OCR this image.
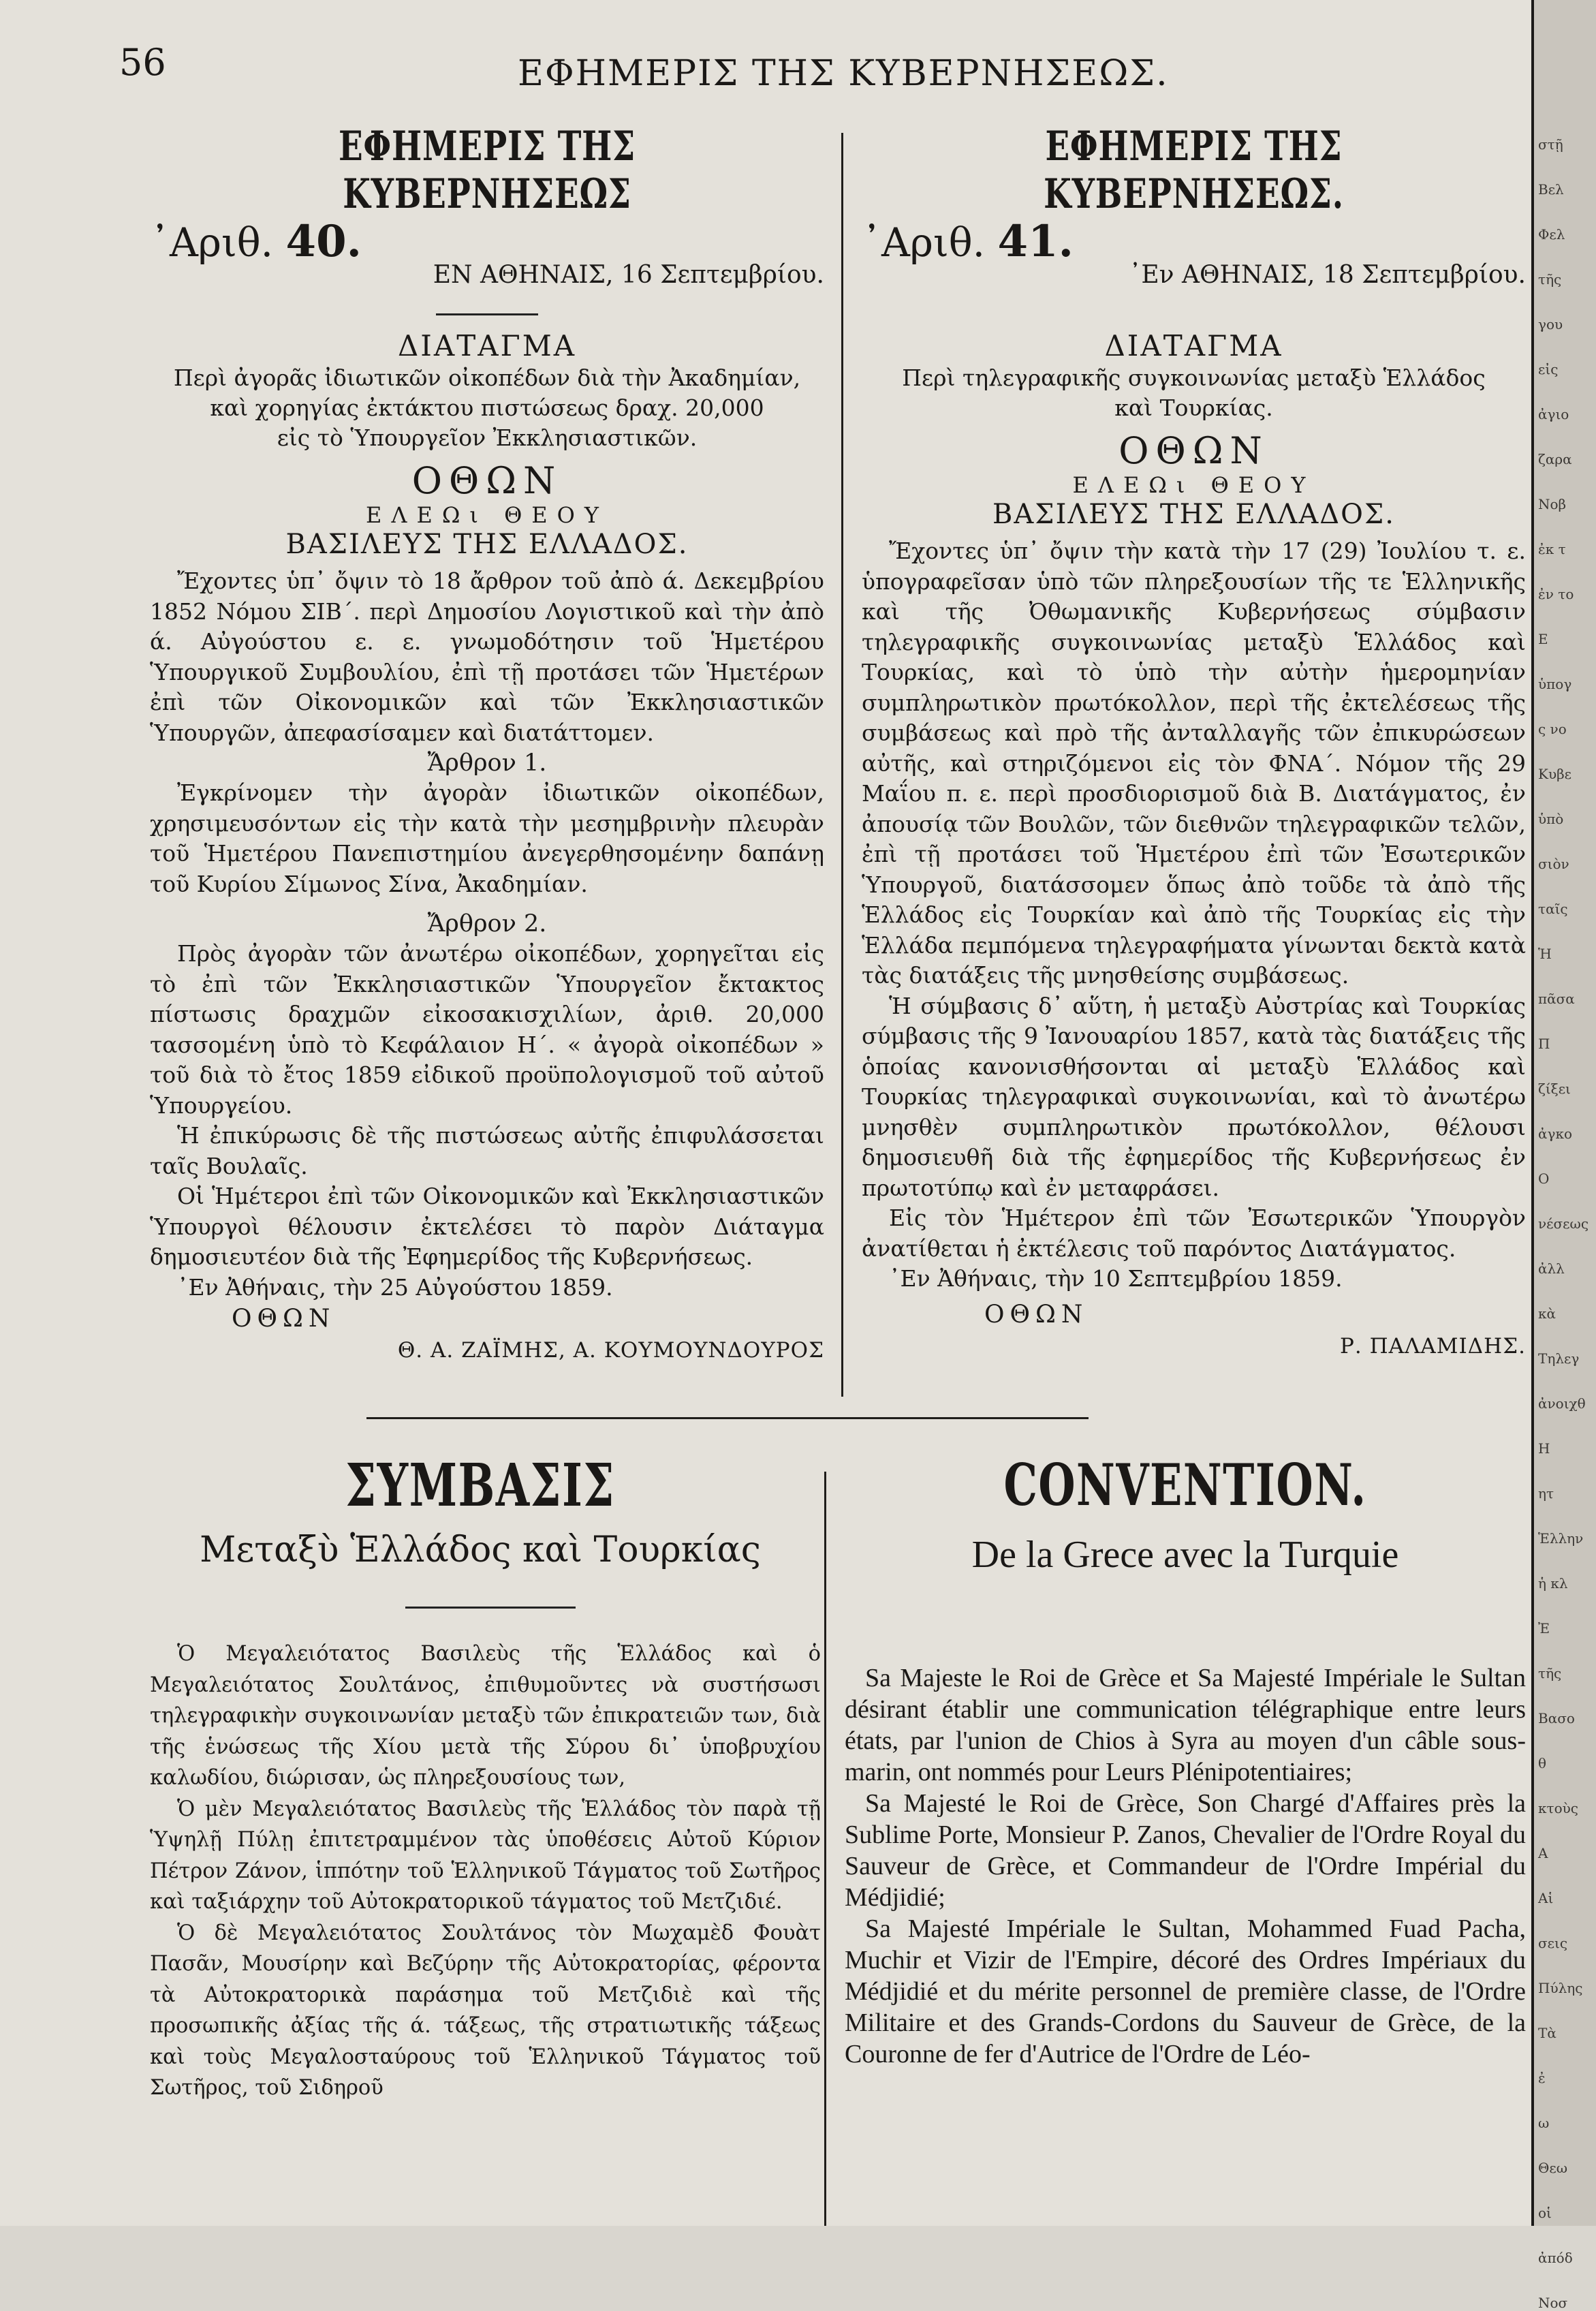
56	ΕΦΗΜΕΡΙΣ ΤΗΣ ΚΥΒΕΡΝΗΣΕΩΣ.
ΕΦΗΜΕΡΙΣ ΤΗΣ ΚΥΒΕΡΝΗΣΕΩΣ
᾿Αριθ. 40.
ΕΝ ΑΘΗΝΑΙΣ, 16 Σεπτεμβρίου.
ΔΙΑΤΑΓΜΑ
Περὶ ἀγορᾶς ἰδιωτικῶν οἰκοπέδων διὰ τὴν Ἀκαδημίαν,
καὶ χορηγίας ἐκτάκτου πιστώσεως δραχ. 20,000
εἰς τὸ Ὑπουργεῖον Ἐκκλησιαστικῶν.
ΟΘΩΝ
ΕΛΕΩι ΘΕΟΥ
ΒΑΣΙΛΕΥΣ ΤΗΣ ΕΛΛΑΔΟΣ.

Ἔχοντες ὑπ᾿ ὄψιν τὸ 18 ἄρθρον τοῦ ἀπὸ ά. Δεκεμβρίου 1852 Νόμου ΣΙΒ΄. περὶ Δημοσίου Λογιστικοῦ καὶ τὴν ἀπὸ ά. Αὐγούστου ε. ε. γνωμοδότησιν τοῦ Ἡμετέρου Ὑπουργικοῦ Συμβουλίου, ἐπὶ τῇ προτάσει τῶν Ἡμετέρων ἐπὶ τῶν Οἰκονομικῶν καὶ τῶν Ἐκκλησιαστικῶν Ὑπουργῶν, ἀπεφασίσαμεν καὶ διατάττομεν.

Ἄρθρον 1.

Ἐγκρίνομεν τὴν ἀγορὰν ἰδιωτικῶν οἰκοπέδων, χρησιμευσόντων εἰς τὴν κατὰ τὴν μεσημβρινὴν πλευρὰν τοῦ Ἡμετέρου Πανεπιστημίου ἀνεγερθησομένην δαπάνῃ τοῦ Κυρίου Σίμωνος Σίνα, Ἀκαδημίαν.

Ἄρθρον 2.

Πρὸς ἀγορὰν τῶν ἀνωτέρω οἰκοπέδων, χορηγεῖται εἰς τὸ ἐπὶ τῶν Ἐκκλησιαστικῶν Ὑπουργεῖον ἔκτακτος πίστωσις δραχμῶν εἰκοσακισχιλίων, ἀριθ. 20,000 τασσομένη ὑπὸ τὸ Κεφάλαιον Η΄. « ἀγορὰ οἰκοπέδων » τοῦ διὰ τὸ ἔτος 1859 εἰδικοῦ προϋπολογισμοῦ τοῦ αὐτοῦ Ὑπουργείου.

Ἡ ἐπικύρωσις δὲ τῆς πιστώσεως αὐτῆς ἐπιφυλάσσεται ταῖς Βουλαῖς.

Οἱ Ἡμέτεροι ἐπὶ τῶν Οἰκονομικῶν καὶ Ἐκκλησιαστικῶν Ὑπουργοὶ θέλουσιν ἐκτελέσει τὸ παρὸν Διάταγμα δημοσιευτέον διὰ τῆς Ἐφημερίδος τῆς Κυβερνήσεως.

᾿Εν Ἀθήναις, τὴν 25 Αὐγούστου 1859.

ΟΘΩΝ
Θ. Α. ΖΑΪΜΗΣ, Α. ΚΟΥΜΟΥΝΔΟΥΡΟΣ
ΕΦΗΜΕΡΙΣ ΤΗΣ ΚΥΒΕΡΝΗΣΕΩΣ.
᾿Αριθ. 41.
᾿Εν ΑΘΗΝΑΙΣ, 18 Σεπτεμβρίου.
ΔΙΑΤΑΓΜΑ
Περὶ τηλεγραφικῆς συγκοινωνίας μεταξὺ Ἑλλάδος
καὶ Τουρκίας.
ΟΘΩΝ
ΕΛΕΩι ΘΕΟΥ
ΒΑΣΙΛΕΥΣ ΤΗΣ ΕΛΛΑΔΟΣ.

Ἔχοντες ὑπ᾿ ὄψιν τὴν κατὰ τὴν 17 (29) Ἰουλίου τ. ε. ὑπογραφεῖσαν ὑπὸ τῶν πληρεξουσίων τῆς τε Ἑλληνικῆς καὶ τῆς Ὀθωμανικῆς Κυβερνήσεως σύμβασιν τηλεγραφικῆς συγκοινωνίας μεταξὺ Ἑλλάδος καὶ Τουρκίας, καὶ τὸ ὑπὸ τὴν αὐτὴν ἡμερομηνίαν συμπληρωτικὸν πρωτόκολλον, περὶ τῆς ἐκτελέσεως τῆς συμβάσεως καὶ πρὸ τῆς ἀνταλλαγῆς τῶν ἐπικυρώσεων αὐτῆς, καὶ στηριζόμενοι εἰς τὸν ΦΝΑ΄. Νόμον τῆς 29 Μαΐου π. ε. περὶ προσδιορισμοῦ διὰ Β. Διατάγματος, ἐν ἀπουσίᾳ τῶν Βουλῶν, τῶν διεθνῶν τηλεγραφικῶν τελῶν, ἐπὶ τῇ προτάσει τοῦ Ἡμετέρου ἐπὶ τῶν Ἐσωτερικῶν Ὑπουργοῦ, διατάσσομεν ὅπως ἀπὸ τοῦδε τὰ ἀπὸ τῆς Ἑλλάδος εἰς Τουρκίαν καὶ ἀπὸ τῆς Τουρκίας εἰς τὴν Ἑλλάδα πεμπόμενα τηλεγραφήματα γίνωνται δεκτὰ κατὰ τὰς διατάξεις τῆς μνησθείσης συμβάσεως.

Ἡ σύμβασις δ᾿ αὕτη, ἡ μεταξὺ Αὐστρίας καὶ Τουρκίας σύμβασις τῆς 9 Ἰανουαρίου 1857, κατὰ τὰς διατάξεις τῆς ὁποίας κανονισθήσονται αἱ μεταξὺ Ἑλλάδος καὶ Τουρκίας τηλεγραφικαὶ συγκοινωνίαι, καὶ τὸ ἀνωτέρω μνησθὲν συμπληρωτικὸν πρωτόκολλον, θέλουσι δημοσιευθῆ διὰ τῆς ἐφημερίδος τῆς Κυβερνήσεως ἐν πρωτοτύπῳ καὶ ἐν μεταφράσει.

Εἰς τὸν Ἡμέτερον ἐπὶ τῶν Ἐσωτερικῶν Ὑπουργὸν ἀνατίθεται ἡ ἐκτέλεσις τοῦ παρόντος Διατάγματος.

᾿Εν Ἀθήναις, τὴν 10 Σεπτεμβρίου 1859.

ΟΘΩΝ
Ρ. ΠΑΛΑΜΙΔΗΣ.
ΣΥΜΒΑΣΙΣ
Μεταξὺ Ἑλλάδος καὶ Τουρκίας

Ὁ Μεγαλειότατος Βασιλεὺς τῆς Ἑλλάδος καὶ ὁ Μεγαλειότατος Σουλτάνος, ἐπιθυμοῦντες νὰ συστήσωσι τηλεγραφικὴν συγκοινωνίαν μεταξὺ τῶν ἐπικρατειῶν των, διὰ τῆς ἑνώσεως τῆς Χίου μετὰ τῆς Σύρου δι᾿ ὑποβρυχίου καλωδίου, διώρισαν, ὡς πληρεξουσίους των,

Ὁ μὲν Μεγαλειότατος Βασιλεὺς τῆς Ἑλλάδος τὸν παρὰ τῇ Ὑψηλῇ Πύλῃ ἐπιτετραμμένον τὰς ὑποθέσεις Αὐτοῦ Κύριον Πέτρον Ζάνον, ἱππότην τοῦ Ἑλληνικοῦ Τάγματος τοῦ Σωτῆρος καὶ ταξιάρχην τοῦ Αὐτοκρατορικοῦ τάγματος τοῦ Μετζιδιέ.

Ὁ δὲ Μεγαλειότατος Σουλτάνος τὸν Μωχαμὲδ Φουὰτ Πασᾶν, Μουσίρην καὶ Βεζύρην τῆς Αὐτοκρατορίας, φέροντα τὰ Αὐτοκρατορικὰ παράσημα τοῦ Μετζιδιὲ καὶ τῆς προσωπικῆς ἀξίας τῆς ά. τάξεως, τῆς στρατιωτικῆς τάξεως καὶ τοὺς Μεγαλοσταύρους τοῦ Ἑλληνικοῦ Τάγματος τοῦ Σωτῆρος, τοῦ Σιδηροῦ

CONVENTION.
De la Grece avec la Turquie

Sa Majeste le Roi de Grèce et Sa Majesté Impériale le Sultan désirant établir une communication télégraphique entre leurs états, par l'union de Chios à Syra au moyen d'un câble sous-marin, ont nommés pour Leurs Plénipotentiaires;

Sa Majesté le Roi de Grèce, Son Chargé d'Affaires près la Sublime Porte, Monsieur P. Zanos, Chevalier de l'Ordre Royal du Sauveur de Grèce, et Commandeur de l'Ordre Impérial du Médjidié;

Sa Majesté Impériale le Sultan, Mohammed Fuad Pacha, Muchir et Vizir de l'Empire, décoré des Ordres Impériaux du Médjidié et du mérite personnel de première classe, de l'Ordre Militaire et des Grands-Cordons du Sauveur de Grèce, de la Couronne de fer d'Autrice de l'Ordre de Léo-

στῇ
Βελ
Φελ
τῆς
γου
εἰς
ἀγιο
ζαρα
Νοβ
ἐκ τ
ἐν το
Ε
ὑπογ
ς νο
Κυβε
ὑπὸ
σιὸν
ταῖς
Ἡ
πᾶσα
Π
ζίξει
ἀγκο
Ο
νέσεως
ἀλλ
κὰ
Τηλεγ
ἀνοιχθ
Η
ητ
Ἑλλην
ἡ κλ
Ἐ
τῆς
Βασο
θ
κτοὺς
Α
Αἱ
σεις
Πύλης
Τὰ
ἐ
ω
Θεω
οἱ
ἀπόδ
Νοσ
